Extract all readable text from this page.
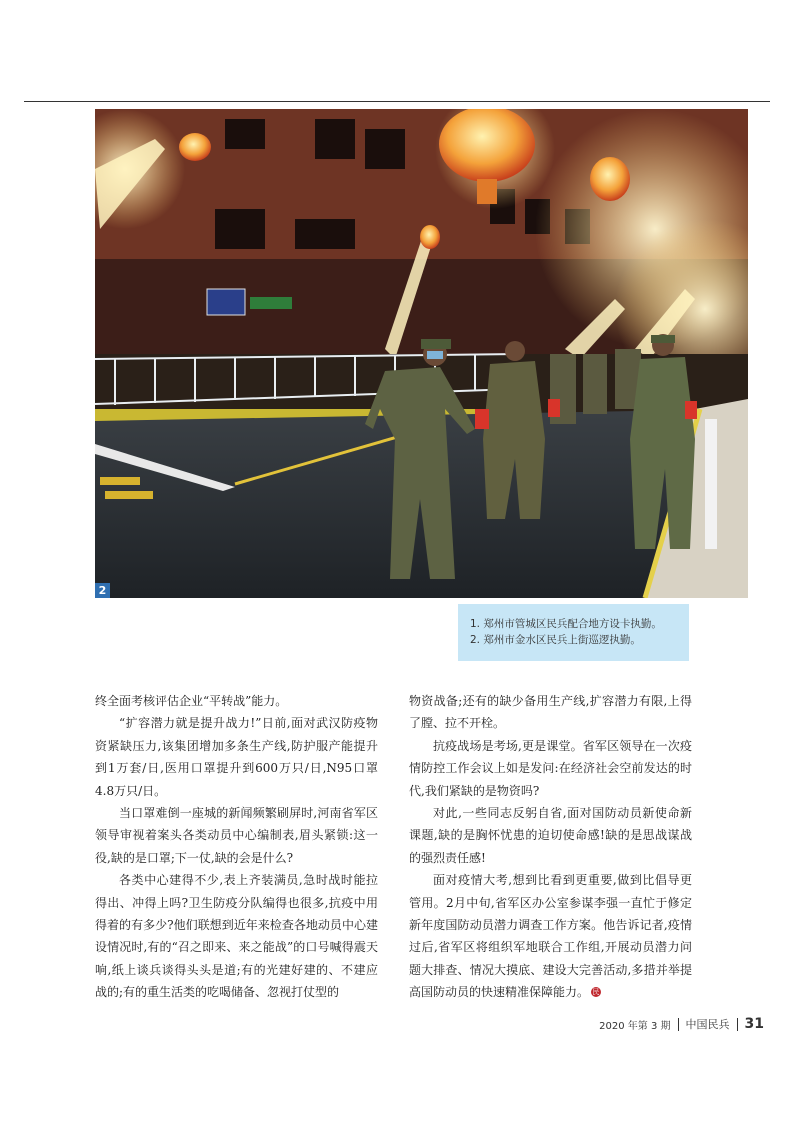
2

1. 郑州市管城区民兵配合地方设卡执勤。

2. 郑州市金水区民兵上街巡逻执勤。

终全面考核评估企业“平转战”能力。

“扩容潜力就是提升战力!”日前,面对武汉防疫物资紧缺压力,该集团增加多条生产线,防护服产能提升到1万套/日,医用口罩提升到600万只/日,N95口罩4.8万只/日。

当口罩难倒一座城的新闻频繁刷屏时,河南省军区领导审视着案头各类动员中心编制表,眉头紧锁:这一役,缺的是口罩;下一仗,缺的会是什么?

各类中心建得不少,表上齐装满员,急时战时能拉得出、冲得上吗?卫生防疫分队编得也很多,抗疫中用得着的有多少?他们联想到近年来检查各地动员中心建设情况时,有的“召之即来、来之能战”的口号喊得震天响,纸上谈兵谈得头头是道;有的光建好建的、不建应战的;有的重生活类的吃喝储备、忽视打仗型的

物资战备;还有的缺少备用生产线,扩容潜力有限,上得了膛、拉不开栓。

抗疫战场是考场,更是课堂。省军区领导在一次疫情防控工作会议上如是发问:在经济社会空前发达的时代,我们紧缺的是物资吗?

对此,一些同志反躬自省,面对国防动员新使命新课题,缺的是胸怀忧患的迫切使命感!缺的是思战谋战的强烈责任感!

面对疫情大考,想到比看到更重要,做到比倡导更管用。2月中旬,省军区办公室参谋李强一直忙于修定新年度国防动员潜力调查工作方案。他告诉记者,疫情过后,省军区将组织军地联合工作组,开展动员潜力问题大排查、情况大摸底、建设大完善活动,多措并举提高国防动员的快速精准保障能力。 民

2020 年第 3 期 中国民兵 31
